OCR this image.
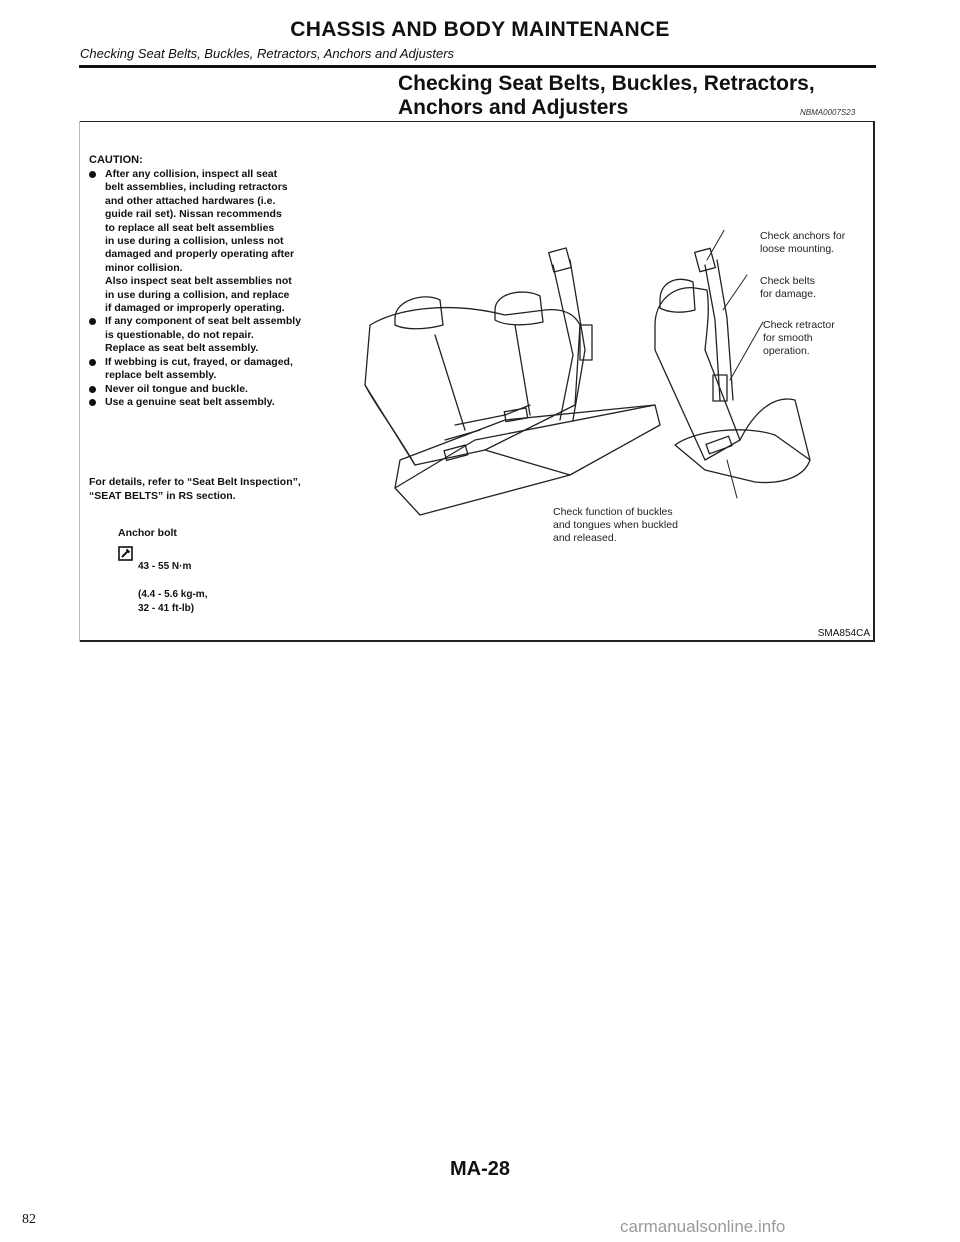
CHASSIS AND BODY MAINTENANCE
Checking Seat Belts, Buckles, Retractors, Anchors and Adjusters
Checking Seat Belts, Buckles, Retractors,
Anchors and Adjusters	NBMA0007S23
CAUTION:
After any collision, inspect all seat
belt assemblies, including retractors
and other attached hardwares (i.e.
guide rail set). Nissan recommends
to replace all seat belt assemblies
in use during a collision, unless not
damaged and properly operating after
minor collision.
Also inspect seat belt assemblies not
in use during a collision, and replace
if damaged or improperly operating.
If any component of seat belt assembly
is questionable, do not repair.
Replace as seat belt assembly.
If webbing is cut, frayed, or damaged,
replace belt assembly.
Never oil tongue and buckle.
Use a genuine seat belt assembly.
For details, refer to “Seat Belt Inspection”,
“SEAT BELTS” in RS section.
Anchor bolt

43 - 55 N·m

(4.4 - 5.6 kg-m,
32 - 41 ft-lb)

Check anchors for
loose mounting.
Check belts
for damage.
Check retractor
for smooth
operation.
Check function of buckles
and tongues when buckled
and released.
SMA854CA
MA-28
82	carmanualsonline.info
